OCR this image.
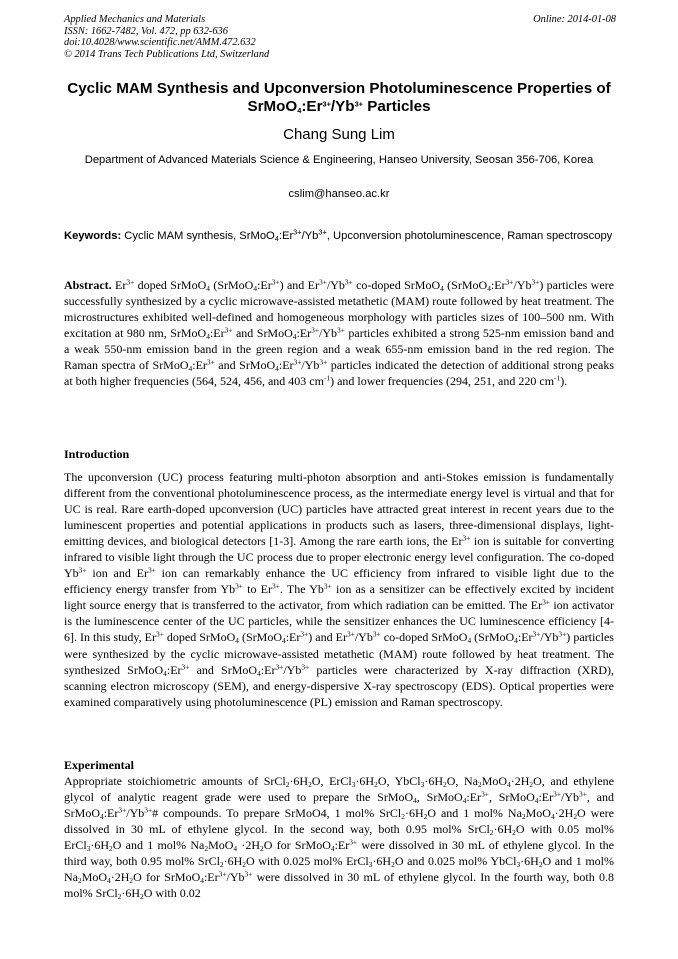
Applied Mechanics and Materials
ISSN: 1662-7482, Vol. 472, pp 632-636
doi:10.4028/www.scientific.net/AMM.472.632
© 2014 Trans Tech Publications Ltd, Switzerland
Online: 2014-01-08
Cyclic MAM Synthesis and Upconversion Photoluminescence Properties of $SrMoO_4:Er^{3+}/Yb^{3+}$ Particles
Chang Sung Lim
Department of Advanced Materials Science & Engineering, Hanseo University, Seosan 356-706, Korea
cslim@hanseo.ac.kr
Keywords: Cyclic MAM synthesis, $SrMoO_4:Er^{3+}/Yb^{3+}$, Upconversion photoluminescence, Raman spectroscopy
Abstract. $Er^{3+}$ doped SrMoO$_4$ $(SrMoO_4:Er^{3+})$ and $Er^{3+}/Yb^{3+}$ co-doped SrMoO$_4$ $(SrMoO_4:Er^{3+}/Yb^{3+})$ particles were successfully synthesized by a cyclic microwave-assisted metathetic (MAM) route followed by heat treatment. The microstructures exhibited well-defined and homogeneous morphology with particles sizes of 100–500 nm. With excitation at 980 nm, $SrMoO_4:Er^{3+}$ and $SrMoO_4:Er^{3+}/Yb^{3+}$ particles exhibited a strong 525-nm emission band and a weak 550-nm emission band in the green region and a weak 655-nm emission band in the red region. The Raman spectra of $SrMoO_4:Er^{3+}$ and $SrMoO_4:Er^{3+}/Yb^{3+}$ particles indicated the detection of additional strong peaks at both higher frequencies (564, 524, 456, and 403 $cm^{-1}$) and lower frequencies (294, 251, and 220 $cm^{-1}$).
Introduction
The upconversion (UC) process featuring multi-photon absorption and anti-Stokes emission is fundamentally different from the conventional photoluminescence process, as the intermediate energy level is virtual and that for UC is real. Rare earth-doped upconversion (UC) particles have attracted great interest in recent years due to the luminescent properties and potential applications in products such as lasers, three-dimensional displays, light-emitting devices, and biological detectors [1-3]. Among the rare earth ions, the $Er^{3+}$ ion is suitable for converting infrared to visible light through the UC process due to proper electronic energy level configuration. The co-doped $Yb^{3+}$ ion and $Er^{3+}$ ion can remarkably enhance the UC efficiency from infrared to visible light due to the efficiency energy transfer from $Yb^{3+}$ to $Er^{3+}$. The $Yb^{3+}$ ion as a sensitizer can be effectively excited by incident light source energy that is transferred to the activator, from which radiation can be emitted. The $Er^{3+}$ ion activator is the luminescence center of the UC particles, while the sensitizer enhances the UC luminescence efficiency [4-6]. In this study, $Er^{3+}$ doped SrMoO$_4$ $(SrMoO_4:Er^{3+})$ and $Er^{3+}/Yb^{3+}$ co-doped SrMoO$_4$ $(SrMoO_4:Er^{3+}/Yb^{3+})$ particles were synthesized by the cyclic microwave-assisted metathetic (MAM) route followed by heat treatment. The synthesized $SrMoO_4:Er^{3+}$ and $SrMoO_4:Er^{3+}/Yb^{3+}$ particles were characterized by X-ray diffraction (XRD), scanning electron microscopy (SEM), and energy-dispersive X-ray spectroscopy (EDS). Optical properties were examined comparatively using photoluminescence (PL) emission and Raman spectroscopy.
Experimental
Appropriate stoichiometric amounts of $SrCl_2\cdot 6H_2O$, $ErCl_3\cdot 6H_2O$, $YbCl_3\cdot 6H_2O$, $Na_2MoO_4\cdot 2H_2O$, and ethylene glycol of analytic reagent grade were used to prepare the SrMoO$_4$, $SrMoO_4:Er^{3+}$, $SrMoO_4:Er^{3+}/Yb^{3+}$, and $SrMoO_4:Er^{3+}/Yb^{3+}\#$ compounds. To prepare SrMoO4, 1 mol% $SrCl_2\cdot 6H_2O$ and 1 mol% $Na_2MoO_4\cdot 2H_2O$ were dissolved in 30 mL of ethylene glycol. In the second way, both 0.95 mol% $SrCl_2\cdot 6H_2O$ with 0.05 mol% $ErCl_3\cdot 6H_2O$ and 1 mol% $Na_2MoO_4 \cdot 2H_2O$ for $SrMoO_4:Er^{3+}$ were dissolved in 30 mL of ethylene glycol. In the third way, both 0.95 mol% $SrCl_2\cdot 6H_2O$ with 0.025 mol% $ErCl_3\cdot 6H_2O$ and 0.025 mol% $YbCl_3\cdot 6H_2O$ and 1 mol% $Na_2MoO_4\cdot 2H_2O$ for $SrMoO_4:Er^{3+}/Yb^{3+}$ were dissolved in 30 mL of ethylene glycol. In the fourth way, both 0.8 mol% $SrCl_2\cdot 6H_2O$ with 0.02
